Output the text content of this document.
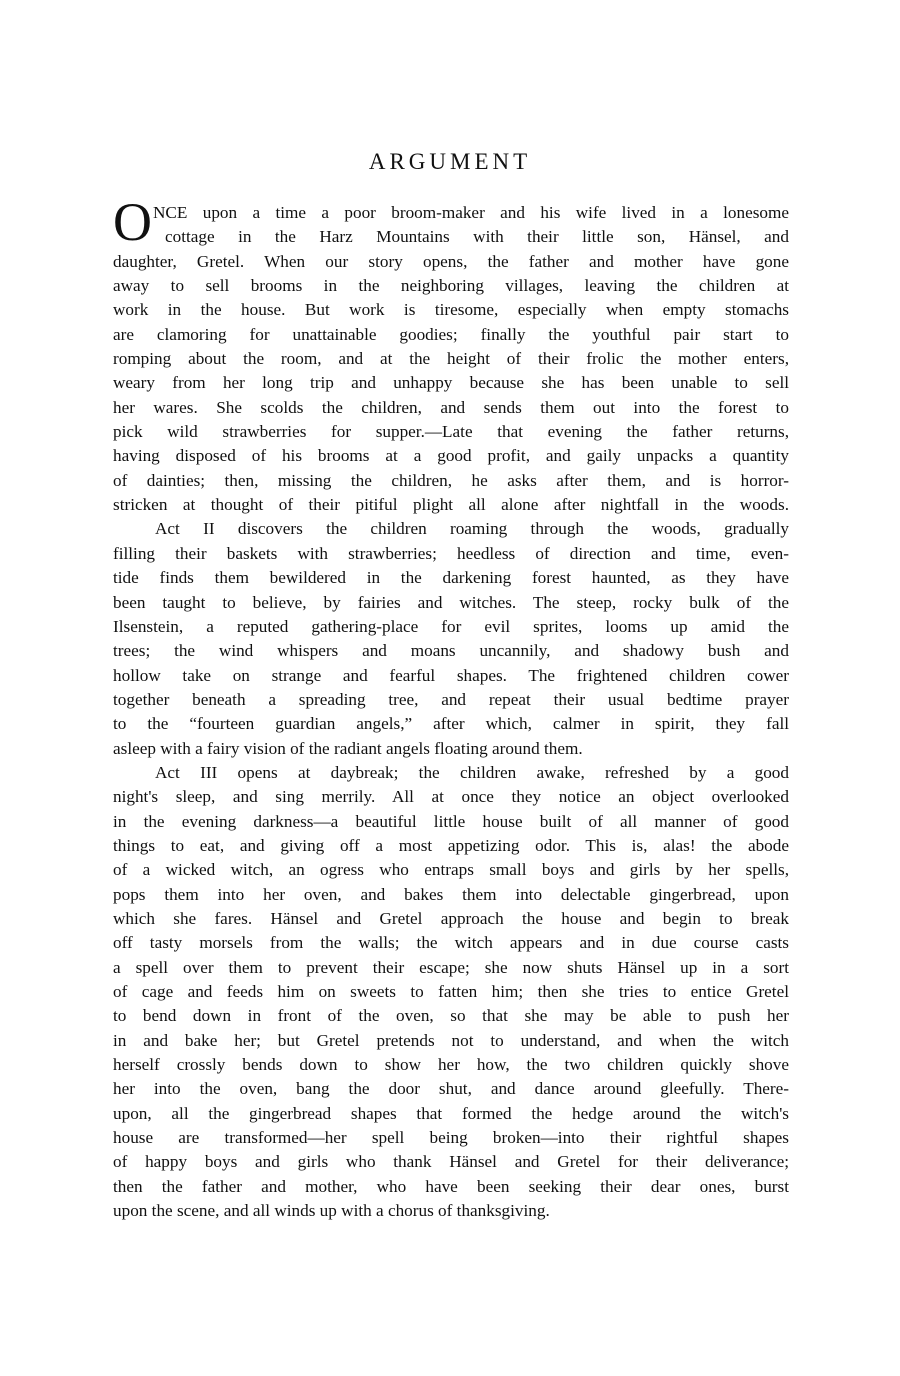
ARGUMENT
O NCE upon a time a poor broom-maker and his wife lived in a lonesome
cottage in the Harz Mountains with their little son, Hänsel, and
daughter, Gretel. When our story opens, the father and mother have gone
away to sell brooms in the neighboring villages, leaving the children at
work in the house. But work is tiresome, especially when empty stomachs
are clamoring for unattainable goodies; finally the youthful pair start to
romping about the room, and at the height of their frolic the mother enters,
weary from her long trip and unhappy because she has been unable to sell
her wares. She scolds the children, and sends them out into the forest to
pick wild strawberries for supper.—Late that evening the father returns,
having disposed of his brooms at a good profit, and gaily unpacks a quantity
of dainties; then, missing the children, he asks after them, and is horror-
stricken at thought of their pitiful plight all alone after nightfall in the woods.
Act II discovers the children roaming through the woods, gradually
filling their baskets with strawberries; heedless of direction and time, even-
tide finds them bewildered in the darkening forest haunted, as they have
been taught to believe, by fairies and witches. The steep, rocky bulk of the
Ilsenstein, a reputed gathering-place for evil sprites, looms up amid the
trees; the wind whispers and moans uncannily, and shadowy bush and
hollow take on strange and fearful shapes. The frightened children cower
together beneath a spreading tree, and repeat their usual bedtime prayer
to the “fourteen guardian angels,” after which, calmer in spirit, they fall
asleep with a fairy vision of the radiant angels floating around them.
Act III opens at daybreak; the children awake, refreshed by a good
night's sleep, and sing merrily. All at once they notice an object overlooked
in the evening darkness—a beautiful little house built of all manner of good
things to eat, and giving off a most appetizing odor. This is, alas! the abode
of a wicked witch, an ogress who entraps small boys and girls by her spells,
pops them into her oven, and bakes them into delectable gingerbread, upon
which she fares. Hänsel and Gretel approach the house and begin to break
off tasty morsels from the walls; the witch appears and in due course casts
a spell over them to prevent their escape; she now shuts Hänsel up in a sort
of cage and feeds him on sweets to fatten him; then she tries to entice Gretel
to bend down in front of the oven, so that she may be able to push her
in and bake her; but Gretel pretends not to understand, and when the witch
herself crossly bends down to show her how, the two children quickly shove
her into the oven, bang the door shut, and dance around gleefully. There-
upon, all the gingerbread shapes that formed the hedge around the witch's
house are transformed—her spell being broken—into their rightful shapes
of happy boys and girls who thank Hänsel and Gretel for their deliverance;
then the father and mother, who have been seeking their dear ones, burst
upon the scene, and all winds up with a chorus of thanksgiving.
